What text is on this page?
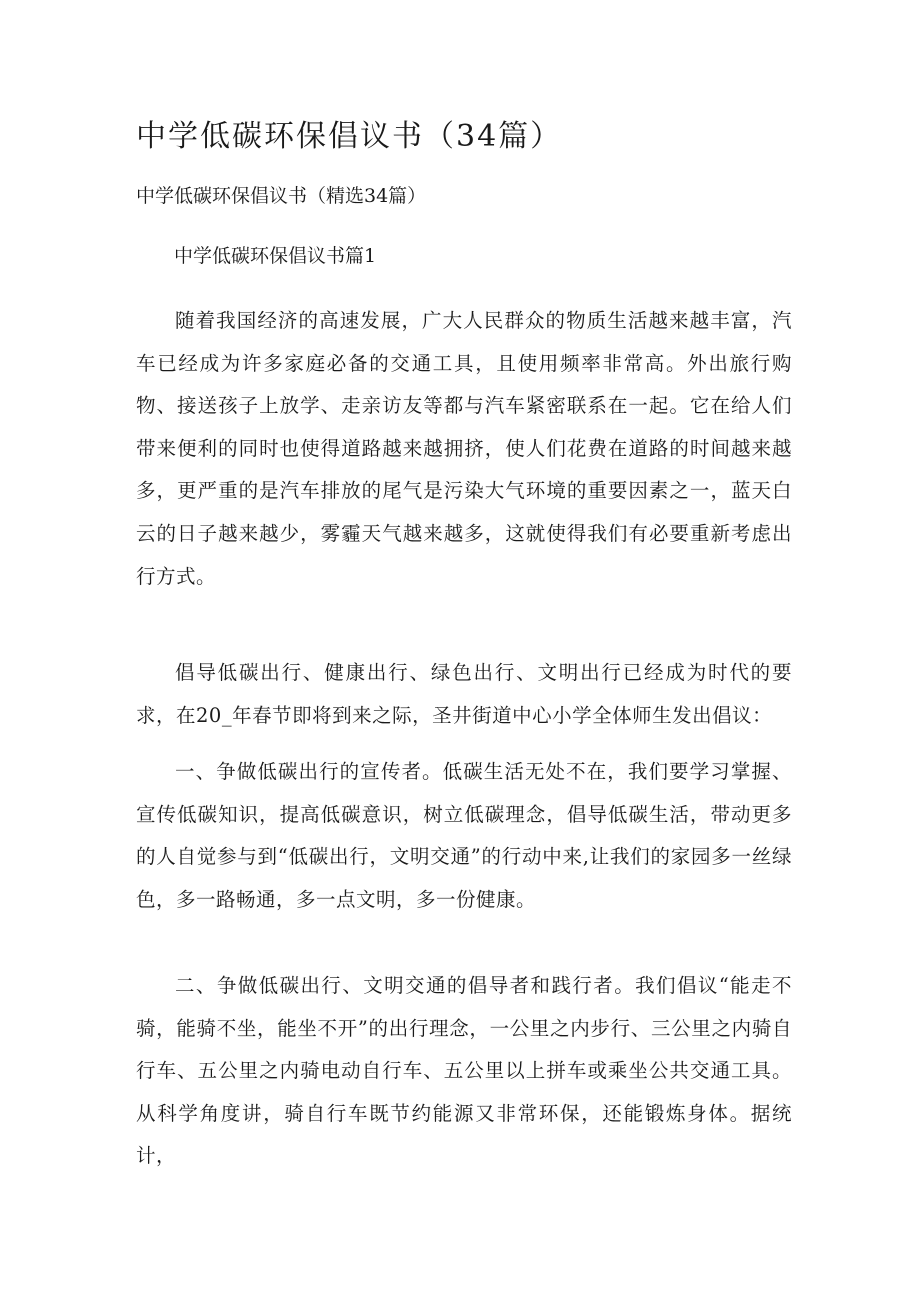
中学低碳环保倡议书（34篇）
中学低碳环保倡议书（精选34篇）
中学低碳环保倡议书篇1

随着我国经济的高速发展，广大人民群众的物质生活越来越丰富，汽车已经成为许多家庭必备的交通工具，且使用频率非常高。外出旅行购物、接送孩子上放学、走亲访友等都与汽车紧密联系在一起。它在给人们带来便利的同时也使得道路越来越拥挤，使人们花费在道路的时间越来越多，更严重的是汽车排放的尾气是污染大气环境的重要因素之一，蓝天白云的日子越来越少，雾霾天气越来越多，这就使得我们有必要重新考虑出行方式。

倡导低碳出行、健康出行、绿色出行、文明出行已经成为时代的要求，在20_年春节即将到来之际，圣井街道中心小学全体师生发出倡议：

一、争做低碳出行的宣传者。低碳生活无处不在，我们要学习掌握、宣传低碳知识，提高低碳意识，树立低碳理念，倡导低碳生活，带动更多的人自觉参与到“低碳出行，文明交通”的行动中来,让我们的家园多一丝绿色，多一路畅通，多一点文明，多一份健康。

二、争做低碳出行、文明交通的倡导者和践行者。我们倡议“能走不骑，能骑不坐，能坐不开”的出行理念，一公里之内步行、三公里之内骑自行车、五公里之内骑电动自行车、五公里以上拼车或乘坐公共交通工具。从科学角度讲，骑自行车既节约能源又非常环保，还能锻炼身体。据统计，
